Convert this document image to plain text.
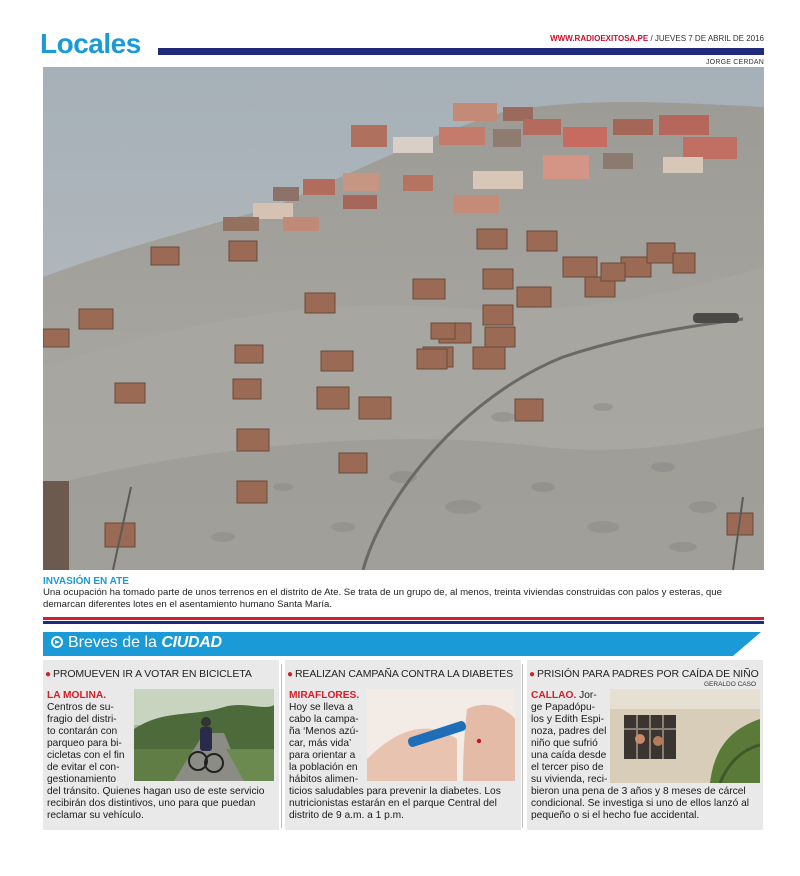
Locales	WWW.RADIOEXITOSA.PE / JUEVES 7 DE ABRIL DE 2016
JORGE CERDAN
INVASIÓN EN ATE
Una ocupación ha tomado parte de unos terrenos en el distrito de Ate. Se trata de un grupo de, al menos, treinta viviendas construidas con palos y esteras, que demarcan diferentes lotes en el asentamiento humano Santa María.
Breves de la CIUDAD
● PROMUEVEN IR A VOTAR EN BICICLETA
LA MOLINA.
Centros de su-
fragio del distri-
to contarán con
parqueo para bi-
cicletas con el fin
de evitar el con-
gestionamiento
del tránsito. Quienes hagan uso de este servicio recibirán dos distintivos, uno para que puedan reclamar su vehículo.
● REALIZAN CAMPAÑA CONTRA LA DIABETES
MIRAFLORES.
Hoy se lleva a
cabo la campa-
ña ‘Menos azú-
car, más vida’
para orientar a
la población en
hábitos alimen-
ticios saludables para prevenir la diabetes. Los nutricionistas estarán en el parque Central del distrito de 9 a.m. a 1 p.m.
● PRISIÓN PARA PADRES POR CAÍDA DE NIÑO
GERALDO CASO
CALLAO. Jor-
ge Papadópu-
los y Edith Espi-
noza, padres del
niño que sufrió
una caída desde
el tercer piso de
su vivienda, reci-
bieron una pena de 3 años y 8 meses de cárcel condicional. Se investiga si uno de ellos lanzó al pequeño o si el hecho fue accidental.
